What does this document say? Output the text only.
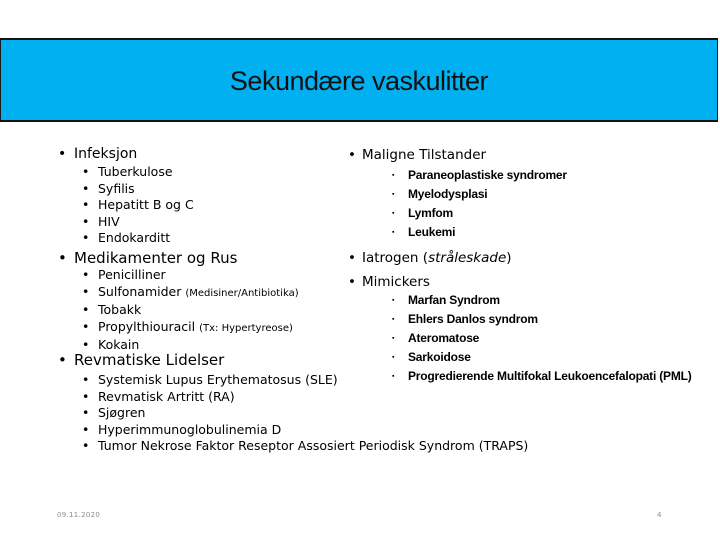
Sekundære vaskulitter
• Infeksjon
• Tuberkulose
• Syfilis
• Hepatitt B og C
• HIV
• Endokarditt
• Medikamenter og Rus
• Penicilliner
• Sulfonamider (Medisiner/Antibiotika)
• Tobakk
• Propylthiouracil (Tx: Hypertyreose)
• Kokain
• Revmatiske Lidelser
• Systemisk Lupus Erythematosus (SLE)
• Revmatisk Artritt (RA)
• Sjøgren
• Hyperimmunoglobulinemia D
• Tumor Nekrose Faktor Reseptor Assosiert Periodisk Syndrom (TRAPS)
• Maligne Tilstander
▪ Paraneoplastiske syndromer
▪ Myelodysplasi
▪ Lymfom
▪ Leukemi
• Iatrogen (stråleskade)
• Mimickers
▪ Marfan Syndrom
▪ Ehlers Danlos syndrom
▪ Ateromatose
▪ Sarkoidose
▪ Progredierende Multifokal Leukoencefalopati (PML)
09.11.2020	4
